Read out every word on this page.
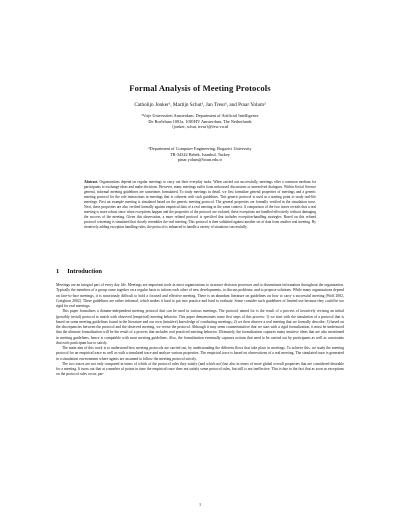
Formal Analysis of Meeting Protocols
Catholijn Jonker¹, Martijn Schut¹, Jan Treur¹, and Pınar Yolum²
¹Vrije Universiteit Amsterdam, Department of Artificial Intelligence
De Boelelaan 1081a, 1081HV Amsterdam, The Netherlands
{jonker, schut, treur}@few.vu.nl
²Department of Computer Engineering, Bogazici University
TR-34342 Bebek, Istanbul, Turkey
pinar.yolum@boun.edu.tr
Abstract. Organizations depend on regular meetings to carry out their everyday tasks. When carried out successfully, meetings offer a common medium for participants to exchange ideas and make decisions. However, many meetings suffer from unfocused discussions or unresolved dialogues. Within Social Science general, informal meeting guidelines are sometimes formulated. To study meetings in detail, we first formalize general properties of meetings and a generic meeting protocol for the role interactions in meetings that is coherent with such guidelines. This generic protocol is used as a starting point to study real-life meetings. First an example meeting is simulated based on the generic meeting protocol. The general properties are formally verified in the simulation trace. Next, these properties are also verified formally against empirical data of a real meeting in the same context. A comparison of the two traces reveals that a real meeting is more robust since when exceptions happen and the properties of the protocol are violated, these exceptions are handled effectively without damaging the success of the meeting. Given this observation, a more refined protocol is specified that includes exception-handling strategies. Based on this refined protocol a meeting is simulated that closely resembles the real meeting. This protocol is then validated against another set of data from another real meeting. By iteratively adding exception handling rules, the protocol is enhanced to handle a variety of situations successfully.
1 Introduction

Meetings are an integral part of every day life. Meetings are important tools in most organizations to structure decision processes and to disseminate information throughout the organization. Typically the members of a group come together on a regular basis to inform each other of new developments, to discuss problems, and to propose solutions. While many organizations depend on face-to-face meetings, it is notoriously difficult to hold a focused and effective meeting. There is an abundant literature on guidelines on how to carry a successful meeting [Wolf 2002, Creighton 2002]. These guidelines are rather informal, which makes it hard to put into practice and hard to evaluate. Some consider such guidelines of limited use because they could be too rigid for real meetings.

This paper formalizes a domain-independent meeting protocol that can be used in various meetings. The protocol aimed for is the result of a process of iteratively revising an initial (possibly trivial) protocol to match with observed (empirical) meeting behavior. This paper demonstrates some first steps of this process: 1) we start with the simulation of a protocol that is based on some meeting guidelines found in the literature and our own (intuitive) knowledge of conducting meetings; 2) we then observe a real meeting that we formally describe; 3) based on the discrepancies between the protocol and the observed meeting, we revise the protocol. Although it may seem counterintuitive that we start with a rigid formalization, it must be understood that the ultimate formalization will be the result of a process that includes real practiced meeting behavior. Ultimately, the formalization captures many intuitive ideas that are also mentioned in meeting guidelines, hence is compatible with most meeting guidelines. Also, the formalization eventually captures actions that need to be carried out by participants as well as constraints that each participant has to satisfy.

The main aim of this work is to understand how meeting protocols are carried out, by understanding the different flows that take place in meetings. To achieve this, we study the meeting protocol for an empirical trace as well as with a simulated trace and analyze various properties. The empirical trace is based on observations of a real meeting. The simulated trace is generated in a simulation environment where agents are assumed to follow the meeting protocol strictly.

The two traces are not only compared in terms of which of the protocol rules they satisfy (and which not) but also in terms of more global overall properties that are considered desirable for a meeting. It turns out that at a number of points in time the empirical trace does not satisfy some protocol rules, but still is not ineffective. This is due to the fact that as soon as exceptions on the protocol rules occur, par-

1
